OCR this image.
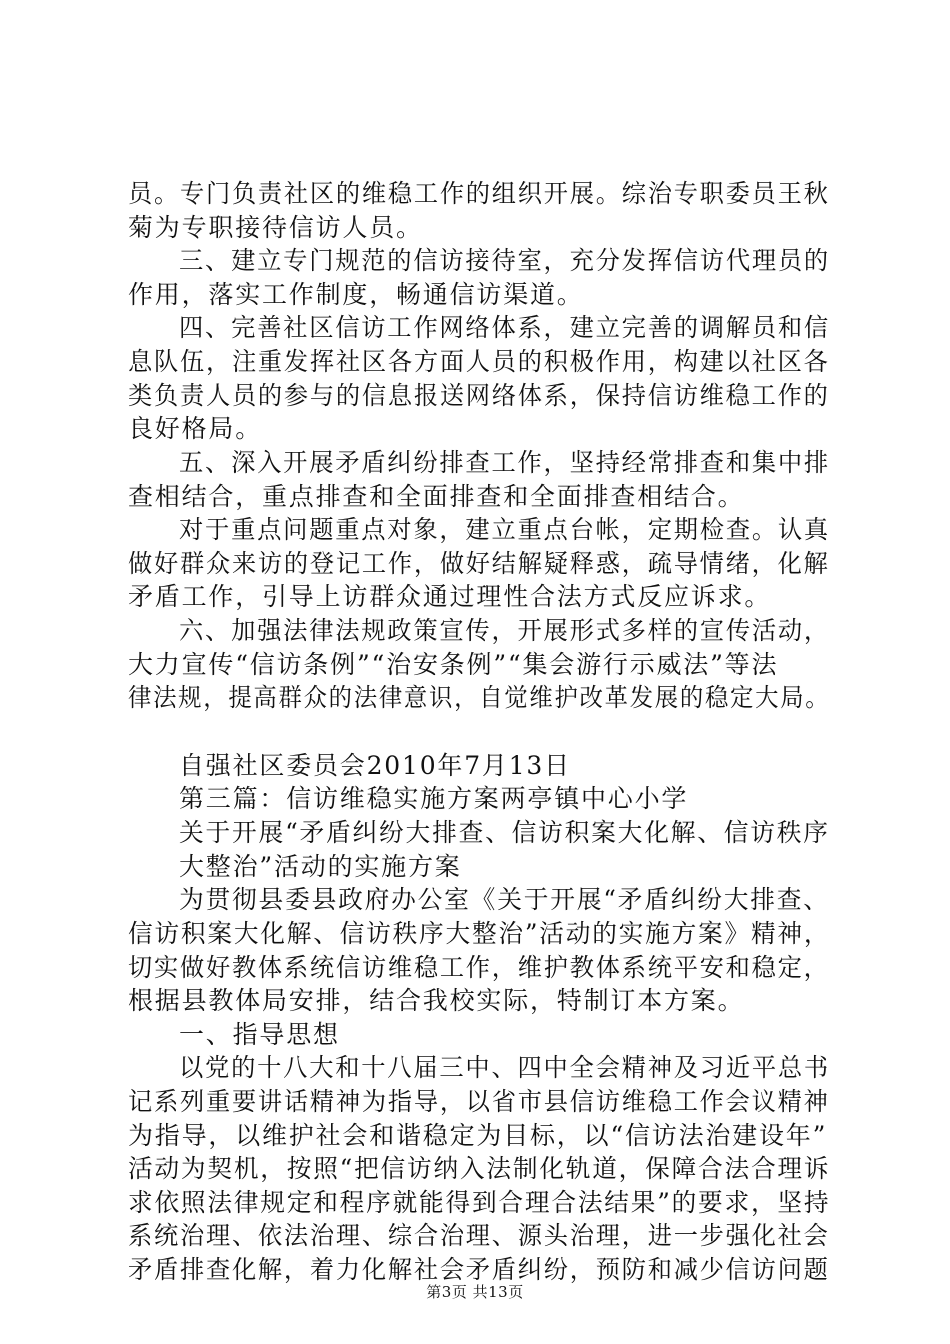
员。专门负责社区的维稳工作的组织开展。综治专职委员王秋
菊为专职接待信访人员。
三、建立专门规范的信访接待室，充分发挥信访代理员的
作用，落实工作制度，畅通信访渠道。
四、完善社区信访工作网络体系，建立完善的调解员和信
息队伍，注重发挥社区各方面人员的积极作用，构建以社区各
类负责人员的参与的信息报送网络体系，保持信访维稳工作的
良好格局。
五、深入开展矛盾纠纷排查工作，坚持经常排查和集中排
查相结合，重点排查和全面排查和全面排查相结合。
对于重点问题重点对象，建立重点台帐，定期检查。认真
做好群众来访的登记工作，做好结解疑释惑，疏导情绪，化解
矛盾工作，引导上访群众通过理性合法方式反应诉求。
六、加强法律法规政策宣传，开展形式多样的宣传活动，
大力宣传“信访条例”“治安条例”“集会游行示威法”等法
律法规，提高群众的法律意识，自觉维护改革发展的稳定大局。
自强社区委员会2010年7月13日
第三篇：信访维稳实施方案两亭镇中心小学
关于开展“矛盾纠纷大排查、信访积案大化解、信访秩序
大整治”活动的实施方案
为贯彻县委县政府办公室《关于开展“矛盾纠纷大排查、
信访积案大化解、信访秩序大整治”活动的实施方案》精神，
切实做好教体系统信访维稳工作，维护教体系统平安和稳定，
根据县教体局安排，结合我校实际，特制订本方案。
一、指导思想
以党的十八大和十八届三中、四中全会精神及习近平总书
记系列重要讲话精神为指导，以省市县信访维稳工作会议精神
为指导，以维护社会和谐稳定为目标，以“信访法治建设年”
活动为契机，按照“把信访纳入法制化轨道，保障合法合理诉
求依照法律规定和程序就能得到合理合法结果”的要求，坚持
系统治理、依法治理、综合治理、源头治理，进一步强化社会
矛盾排查化解，着力化解社会矛盾纠纷，预防和减少信访问题
第3页 共13页
